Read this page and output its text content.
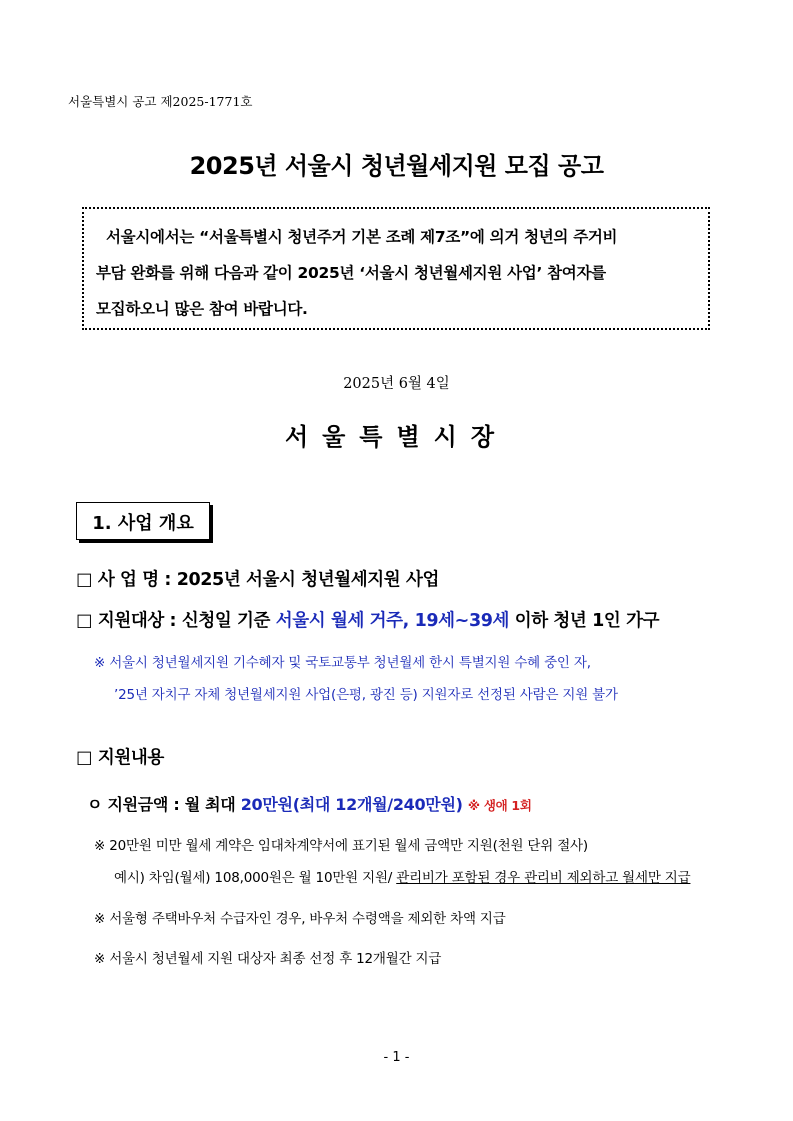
서울특별시 공고 제2025-1771호
2025년 서울시 청년월세지원 모집 공고
서울시에서는 “서울특별시 청년주거 기본 조례 제7조”에 의거 청년의 주거비
부담 완화를 위해 다음과 같이 2025년 ‘서울시 청년월세지원 사업’ 참여자를
모집하오니 많은 참여 바랍니다.
2025년 6월 4일
서울특별시장
1. 사업 개요
□ 사 업 명 : 2025년 서울시 청년월세지원 사업
□ 지원대상 : 신청일 기준 서울시 월세 거주, 19세~39세 이하 청년 1인 가구
※ 서울시 청년월세지원 기수혜자 및 국토교통부 청년월세 한시 특별지원 수혜 중인 자,
’25년 자치구 자체 청년월세지원 사업(은평, 광진 등) 지원자로 선정된 사람은 지원 불가
□ 지원내용
ㅇ 지원금액 : 월 최대 20만원(최대 12개월/240만원) ※ 생애 1회
※ 20만원 미만 월세 계약은 임대차계약서에 표기된 월세 금액만 지원(천원 단위 절사)
예시) 차임(월세) 108,000원은 월 10만원 지원/ 관리비가 포함된 경우 관리비 제외하고 월세만 지급
※ 서울형 주택바우처 수급자인 경우, 바우처 수령액을 제외한 차액 지급
※ 서울시 청년월세 지원 대상자 최종 선정 후 12개월간 지급
- 1 -
